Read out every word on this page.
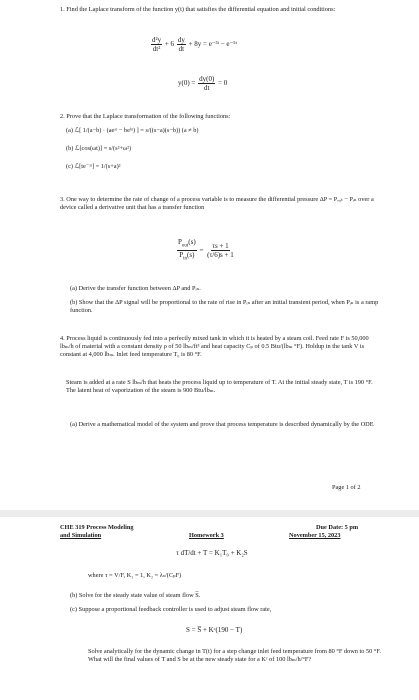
1. Find the Laplace transform of the function y(t) that satisfies the differential equation and initial conditions:
$\frac{\text{d²y}}{\text{dt²}} + 6 \frac{dy}{dt} + 8y$ = e⁻³ᵗ − e⁻⁵ᵗ
$y(0) = \frac{dy(0)}{dt} = 0$
2. Prove that the Laplace transformation of the following functions:
(a) ℒ[ 1/(a−b) · (aeᵃᵗ − beᵇᵗ) ] = s/((s−a)(s−b)) (a ≠ b)
(b) ℒ[cos(ωt)] = s/(s²+ω²)
(c) ℒ[te⁻ᵃᵗ] = 1/(s+a)²
3. One way to determine the rate of change of a process variable is to measure the differential pressure ΔP = Pₒᵤₜ − Pᵢₙ over a device called a derivative unit that has a transfer function
$\frac{P_{out}(s)}{P_{in}(s)} = \frac{\tau s + 1}{(\tau/6)s + 1}$
(a) Derive the transfer function between ΔP and Pᵢₙ.
(b) Show that the ΔP signal will be proportional to the rate of rise in Pᵢₙ after an initial transient period, when Pᵢₙ is a ramp function.
4. Process liquid is continuously fed into a perfectly mixed tank in which it is heated by a steam coil. Feed rate F is 50,000 lbₘ/h of material with a constant density ρ of 50 lbₘ/ft³ and heat capacity Cₚ of 0.5 Btu/(lbₘ °F). Holdup in the tank V is constant at 4,000 lbₘ. Inlet feed temperature T₀ is 80 °F.
Steam is added at a rate S lbₘ/h that heats the process liquid up to temperature of T. At the initial steady state, T is 190 °F. The latent heat of vaporization of the steam is 900 Btu/lbₘ.
(a) Derive a mathematical model of the system and prove that process temperature is described dynamically by the ODE
Page 1 of 2
CHE 319 Process Modeling
and Simulation	Homework 3
Due Date: 5 pm
November 15, 2023
τ dT/dt + T = K₁T₀ + K₂S
where τ = V/F, K₁ = 1, K₂ = λₛ/(CₚF)
(b) Solve for the steady state value of steam flow S̅.
(c) Suppose a proportional feedback controller is used to adjust steam flow rate,
S = S̅ + Kᶜ(190 − T)
Solve analytically for the dynamic change in T(t) for a step change inlet feed temperature from 80 °F down to 50 °F. What will the final values of T and S be at the new steady state for a Kᶜ of 100 lbₘ/h/°F?
